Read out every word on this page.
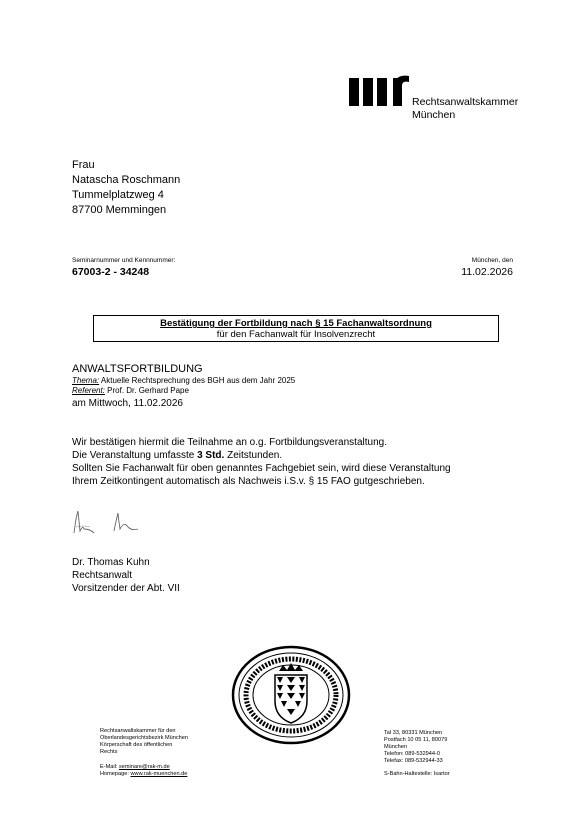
Rechtsanwaltskammer
München
Frau
Natascha Roschmann
Tummelplatzweg 4
87700 Memmingen
Seminarnummer und Kennnummer:
67003-2 - 34248
München, den
11.02.2026
Bestätigung der Fortbildung nach § 15 Fachanwaltsordnung
für den Fachanwalt für Insolvenzrecht
ANWALTSFORTBILDUNG
Thema: Aktuelle Rechtsprechung des BGH aus dem Jahr 2025
Referent: Prof. Dr. Gerhard Pape
am Mittwoch, 11.02.2026
Wir bestätigen hiermit die Teilnahme an o.g. Fortbildungsveranstaltung.
Die Veranstaltung umfasste 3 Std. Zeitstunden.
Sollten Sie Fachanwalt für oben genanntes Fachgebiet sein, wird diese Veranstaltung
Ihrem Zeitkontingent automatisch als Nachweis i.S.v. § 15 FAO gutgeschrieben.
Dr. Thomas Kuhn
Rechtsanwalt
Vorsitzender der Abt. VII
Rechtsanwaltskammer für den
Oberlandesgerichtsbezirk München
Körperschaft des öffentlichen
Rechts
E-Mail: seminare@rak-m.de
Homepage: www.rak-muenchen.de
Tal 33, 80331 München
Postfach 10 05 11, 80079
München
Telefon: 089-532944-0
Telefax: 089-532944-33
S-Bahn-Haltestelle: Isartor
